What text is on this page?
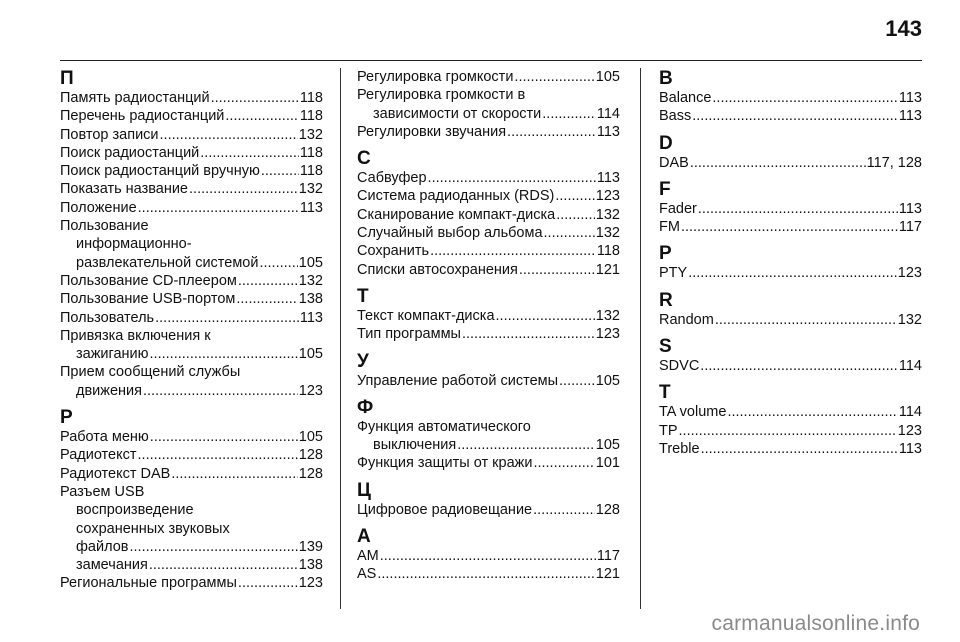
143
П
Память радиостанций .....	118
Перечень радиостанций .....	118
Повтор записи .....	132
Поиск радиостанций .....	118
Поиск радиостанций вручную .....	118
Показать название .....	132
Положение .....	113
Пользование
информационно-
развлекательной системой .....	105
Пользование CD-плеером .....	132
Пользование USB-портом .....	138
Пользователь .....	113
Привязка включения к
зажиганию .....	105
Прием сообщений службы
движения .....	123
Р
Работа меню .....	105
Радиотекст .....	128
Радиотекст DAB .....	128
Разъем USB
воспроизведение
сохраненных звуковых
файлов .....	139
замечания .....	138
Региональные программы .....	123
Регулировка громкости .....	105
Регулировка громкости в
зависимости от скорости .....	114
Регулировки звучания .....	113
С
Сабвуфер .....	113
Система радиоданных (RDS) .....	123
Сканирование компакт-диска .....	132
Случайный выбор альбома .....	132
Сохранить .....	118
Списки автосохранения .....	121
Т
Текст компакт-диска .....	132
Тип программы .....	123
У
Управление работой системы .....	105
Ф
Функция автоматического
выключения .....	105
Функция защиты от кражи .....	101
Ц
Цифровое радиовещание .....	128
A
AM .....	117
AS .....	121
B
Balance .....	113
Bass .....	113
D
DAB .....	117, 128
F
Fader .....	113
FM .....	117
P
PTY .....	123
R
Random .....	132
S
SDVC .....	114
T
TA volume .....	114
TP .....	123
Treble .....	113
carmanualsonline.info
